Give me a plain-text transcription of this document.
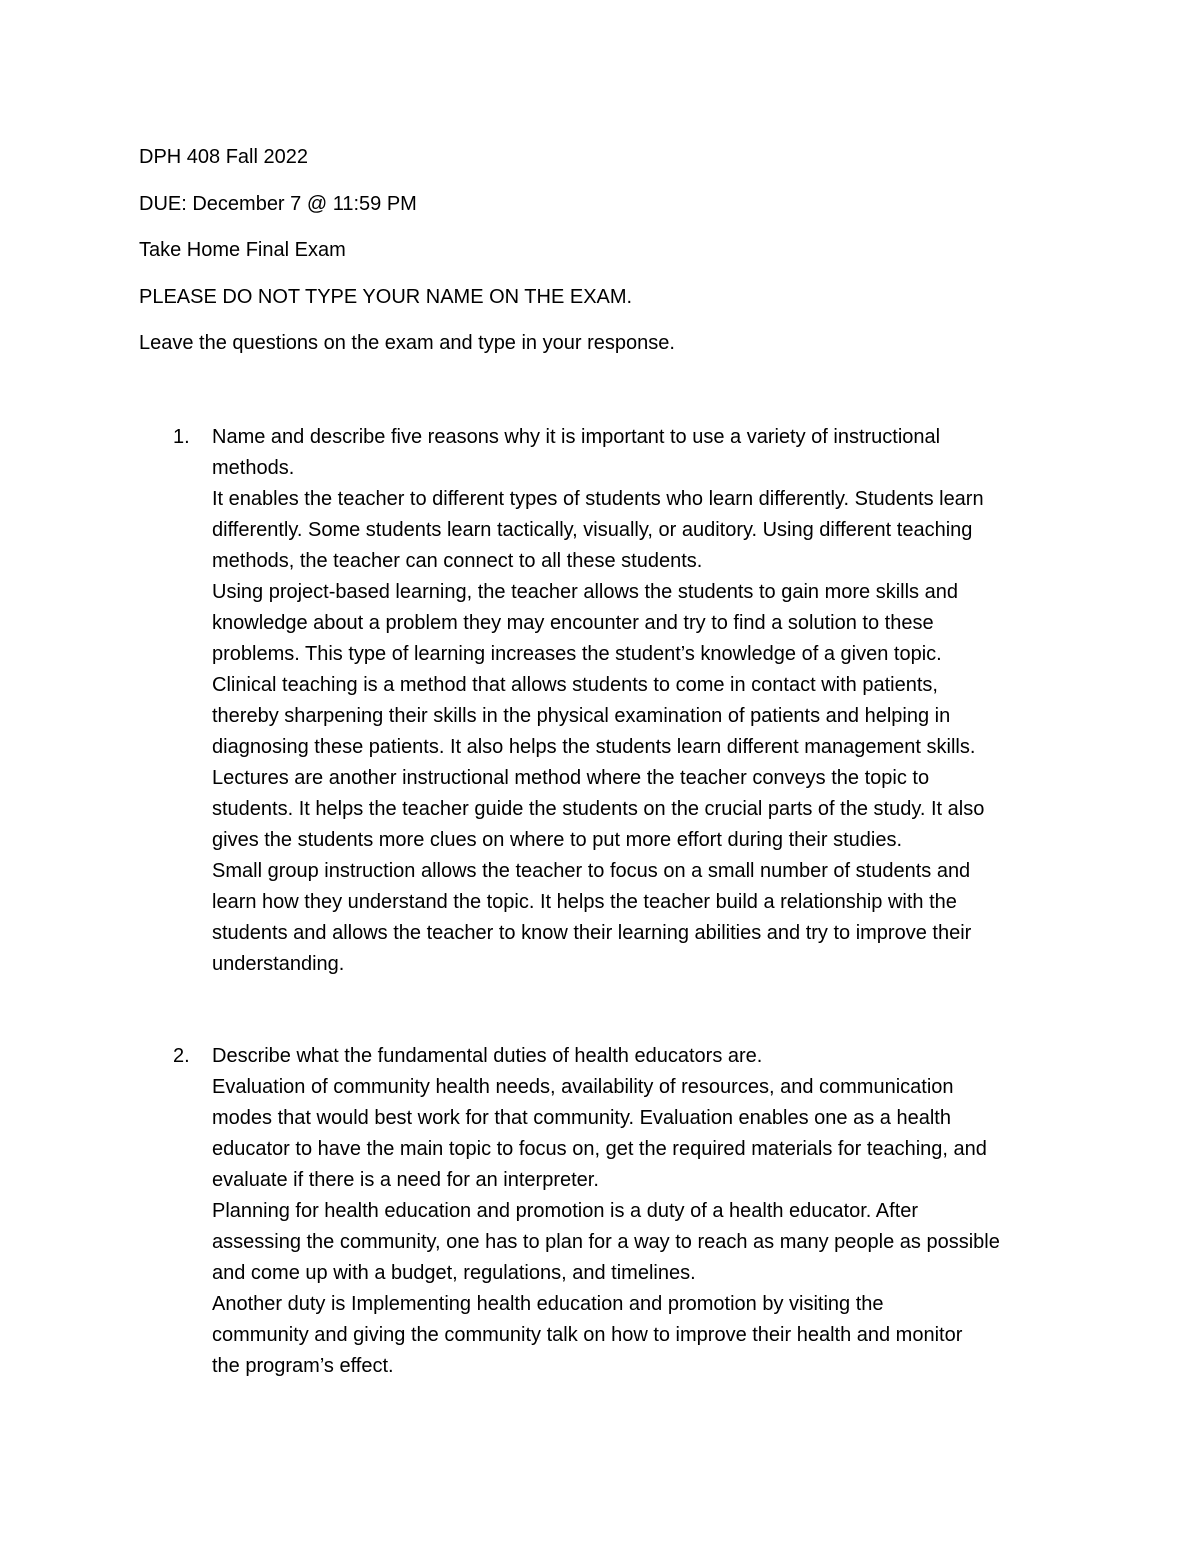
DPH 408 Fall 2022
DUE: December 7 @ 11:59 PM
Take Home Final Exam
PLEASE DO NOT TYPE YOUR NAME ON THE EXAM.
Leave the questions on the exam and type in your response.
1. Name and describe five reasons why it is important to use a variety of instructional

methods.

It enables the teacher to different types of students who learn differently. Students learn

differently. Some students learn tactically, visually, or auditory. Using different teaching

methods, the teacher can connect to all these students.

Using project-based learning, the teacher allows the students to gain more skills and

knowledge about a problem they may encounter and try to find a solution to these

problems. This type of learning increases the student’s knowledge of a given topic.

Clinical teaching is a method that allows students to come in contact with patients,

thereby sharpening their skills in the physical examination of patients and helping in

diagnosing these patients. It also helps the students learn different management skills.

Lectures are another instructional method where the teacher conveys the topic to

students. It helps the teacher guide the students on the crucial parts of the study. It also

gives the students more clues on where to put more effort during their studies.

Small group instruction allows the teacher to focus on a small number of students and

learn how they understand the topic. It helps the teacher build a relationship with the

students and allows the teacher to know their learning abilities and try to improve their

understanding.

2. Describe what the fundamental duties of health educators are.

Evaluation of community health needs, availability of resources, and communication

modes that would best work for that community. Evaluation enables one as a health

educator to have the main topic to focus on, get the required materials for teaching, and

evaluate if there is a need for an interpreter.

Planning for health education and promotion is a duty of a health educator. After

assessing the community, one has to plan for a way to reach as many people as possible

and come up with a budget, regulations, and timelines.

Another duty is Implementing health education and promotion by visiting the

community and giving the community talk on how to improve their health and monitor

the program’s effect.
